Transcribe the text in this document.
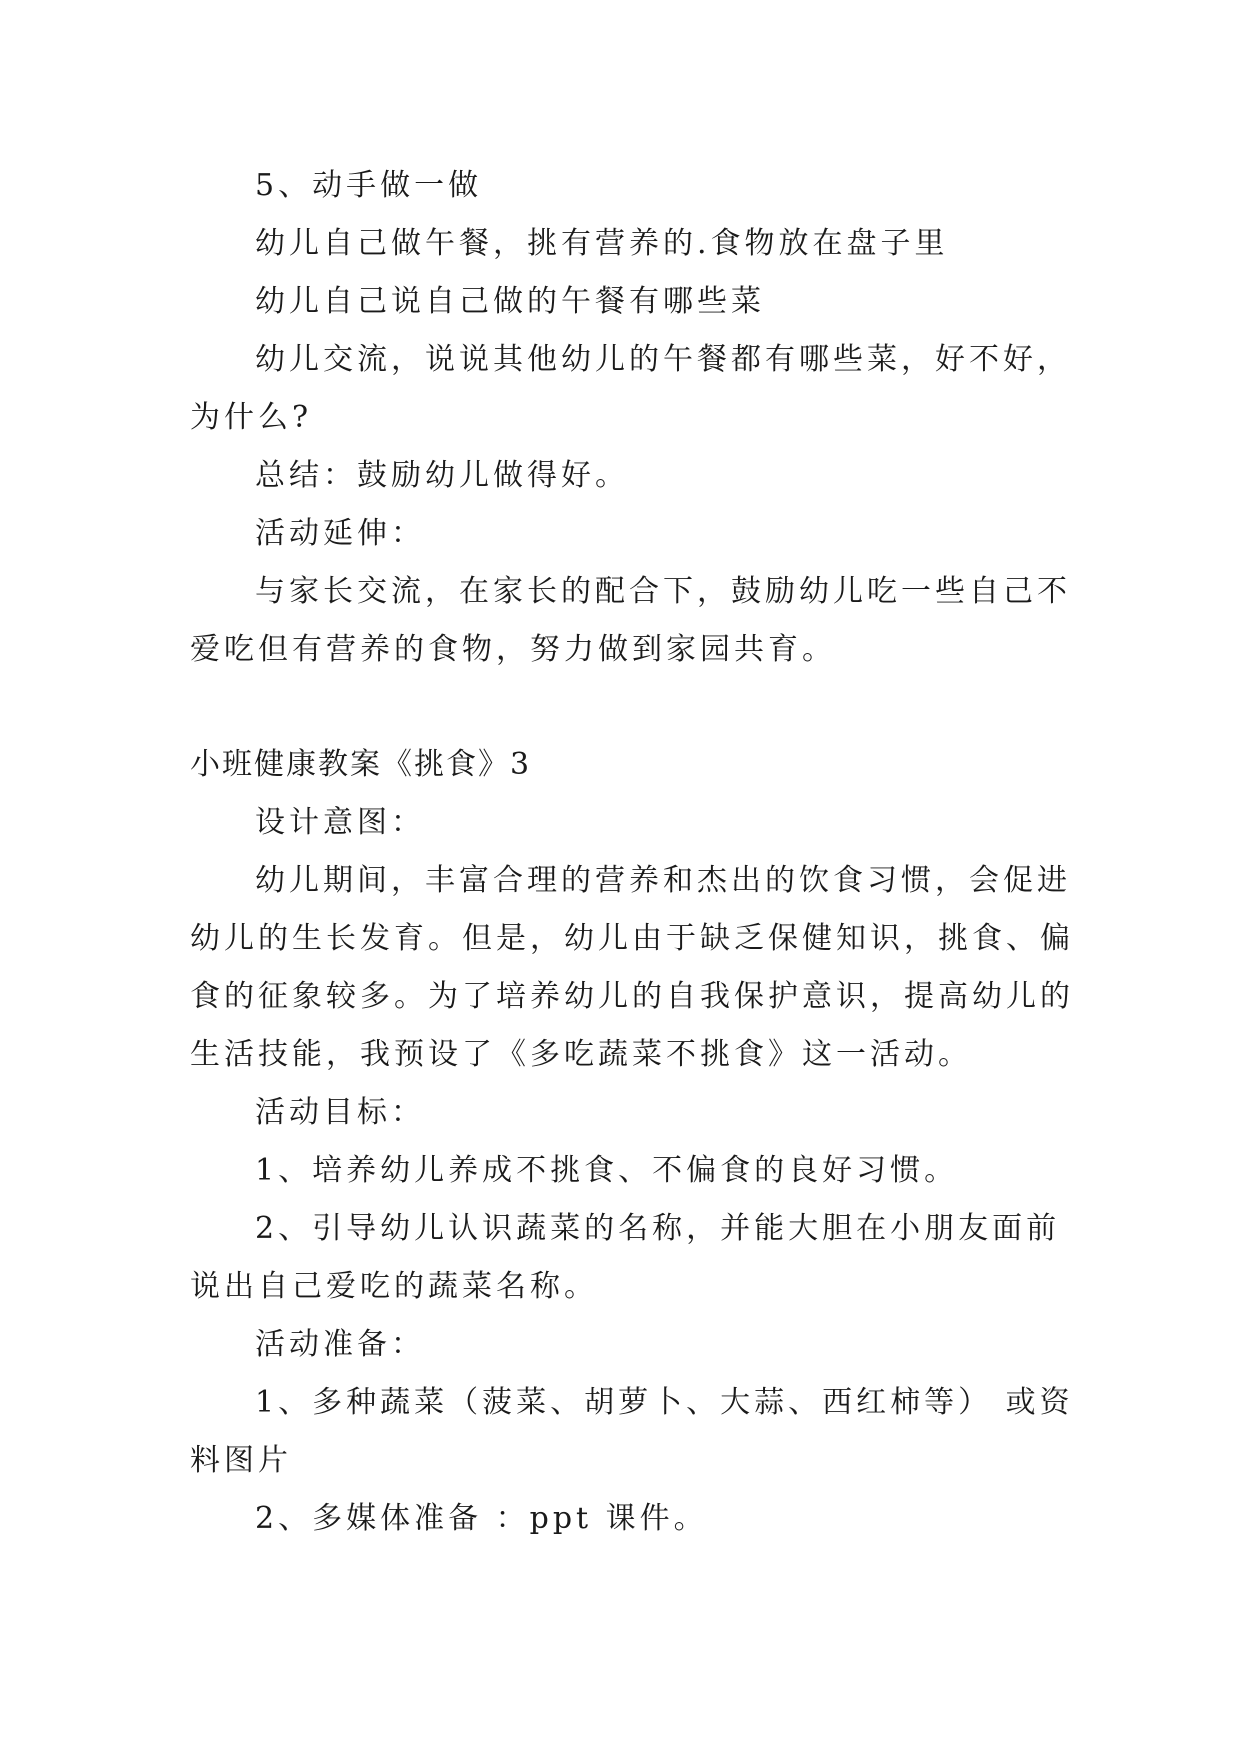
5、动手做一做
幼儿自己做午餐，挑有营养的.食物放在盘子里
幼儿自己说自己做的午餐有哪些菜
幼儿交流，说说其他幼儿的午餐都有哪些菜，好不好，
为什么?
总结：鼓励幼儿做得好。
活动延伸：
与家长交流，在家长的配合下，鼓励幼儿吃一些自己不
爱吃但有营养的食物，努力做到家园共育。
小班健康教案《挑食》3
设计意图：
幼儿期间，丰富合理的营养和杰出的饮食习惯，会促进
幼儿的生长发育。但是，幼儿由于缺乏保健知识，挑食、偏
食的征象较多。为了培养幼儿的自我保护意识，提高幼儿的
生活技能，我预设了《多吃蔬菜不挑食》这一活动。
活动目标：
1、培养幼儿养成不挑食、不偏食的良好习惯。
2、引导幼儿认识蔬菜的名称，并能大胆在小朋友面前
说出自己爱吃的蔬菜名称。
活动准备：
1、多种蔬菜（菠菜、胡萝卜、大蒜、西红柿等） 或资
料图片
2、多媒体准备 ：ppt 课件。
